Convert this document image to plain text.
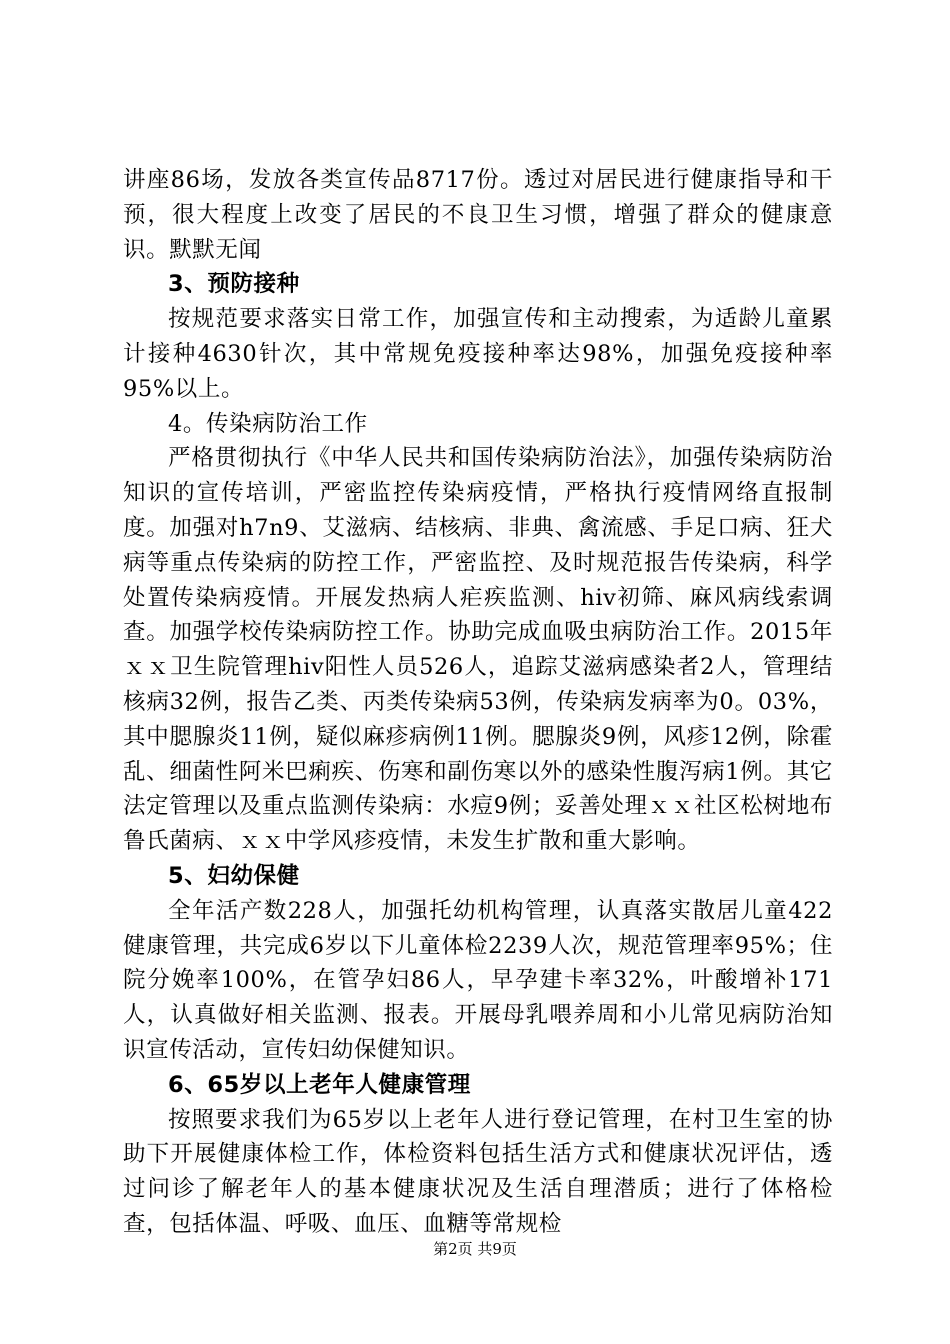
讲座86场，发放各类宣传品8717份。透过对居民进行健康指导和干预，很大程度上改变了居民的不良卫生习惯，增强了群众的健康意识。默默无闻

3、预防接种

按规范要求落实日常工作，加强宣传和主动搜索，为适龄儿童累计接种4630针次，其中常规免疫接种率达98%，加强免疫接种率95%以上。

4。传染病防治工作

严格贯彻执行《中华人民共和国传染病防治法》，加强传染病防治知识的宣传培训，严密监控传染病疫情，严格执行疫情网络直报制度。加强对h7n9、艾滋病、结核病、非典、禽流感、手足口病、狂犬病等重点传染病的防控工作，严密监控、及时规范报告传染病，科学处置传染病疫情。开展发热病人疟疾监测、hiv初筛、麻风病线索调查。加强学校传染病防控工作。协助完成血吸虫病防治工作。2015年ｘｘ卫生院管理hiv阳性人员526人，追踪艾滋病感染者2人，管理结核病32例，报告乙类、丙类传染病53例，传染病发病率为0。03%，其中腮腺炎11例，疑似麻疹病例11例。腮腺炎9例，风疹12例，除霍乱、细菌性阿米巴痢疾、伤寒和副伤寒以外的感染性腹泻病1例。其它法定管理以及重点监测传染病：水痘9例；妥善处理ｘｘ社区松树地布鲁氏菌病、ｘｘ中学风疹疫情，未发生扩散和重大影响。

5、妇幼保健

全年活产数228人，加强托幼机构管理，认真落实散居儿童422健康管理，共完成6岁以下儿童体检2239人次，规范管理率95%；住院分娩率100%，在管孕妇86人，早孕建卡率32%，叶酸增补171人，认真做好相关监测、报表。开展母乳喂养周和小儿常见病防治知识宣传活动，宣传妇幼保健知识。

6、65岁以上老年人健康管理

按照要求我们为65岁以上老年人进行登记管理，在村卫生室的协助下开展健康体检工作，体检资料包括生活方式和健康状况评估，透过问诊了解老年人的基本健康状况及生活自理潜质；进行了体格检查，包括体温、呼吸、血压、血糖等常规检

第2页 共9页
